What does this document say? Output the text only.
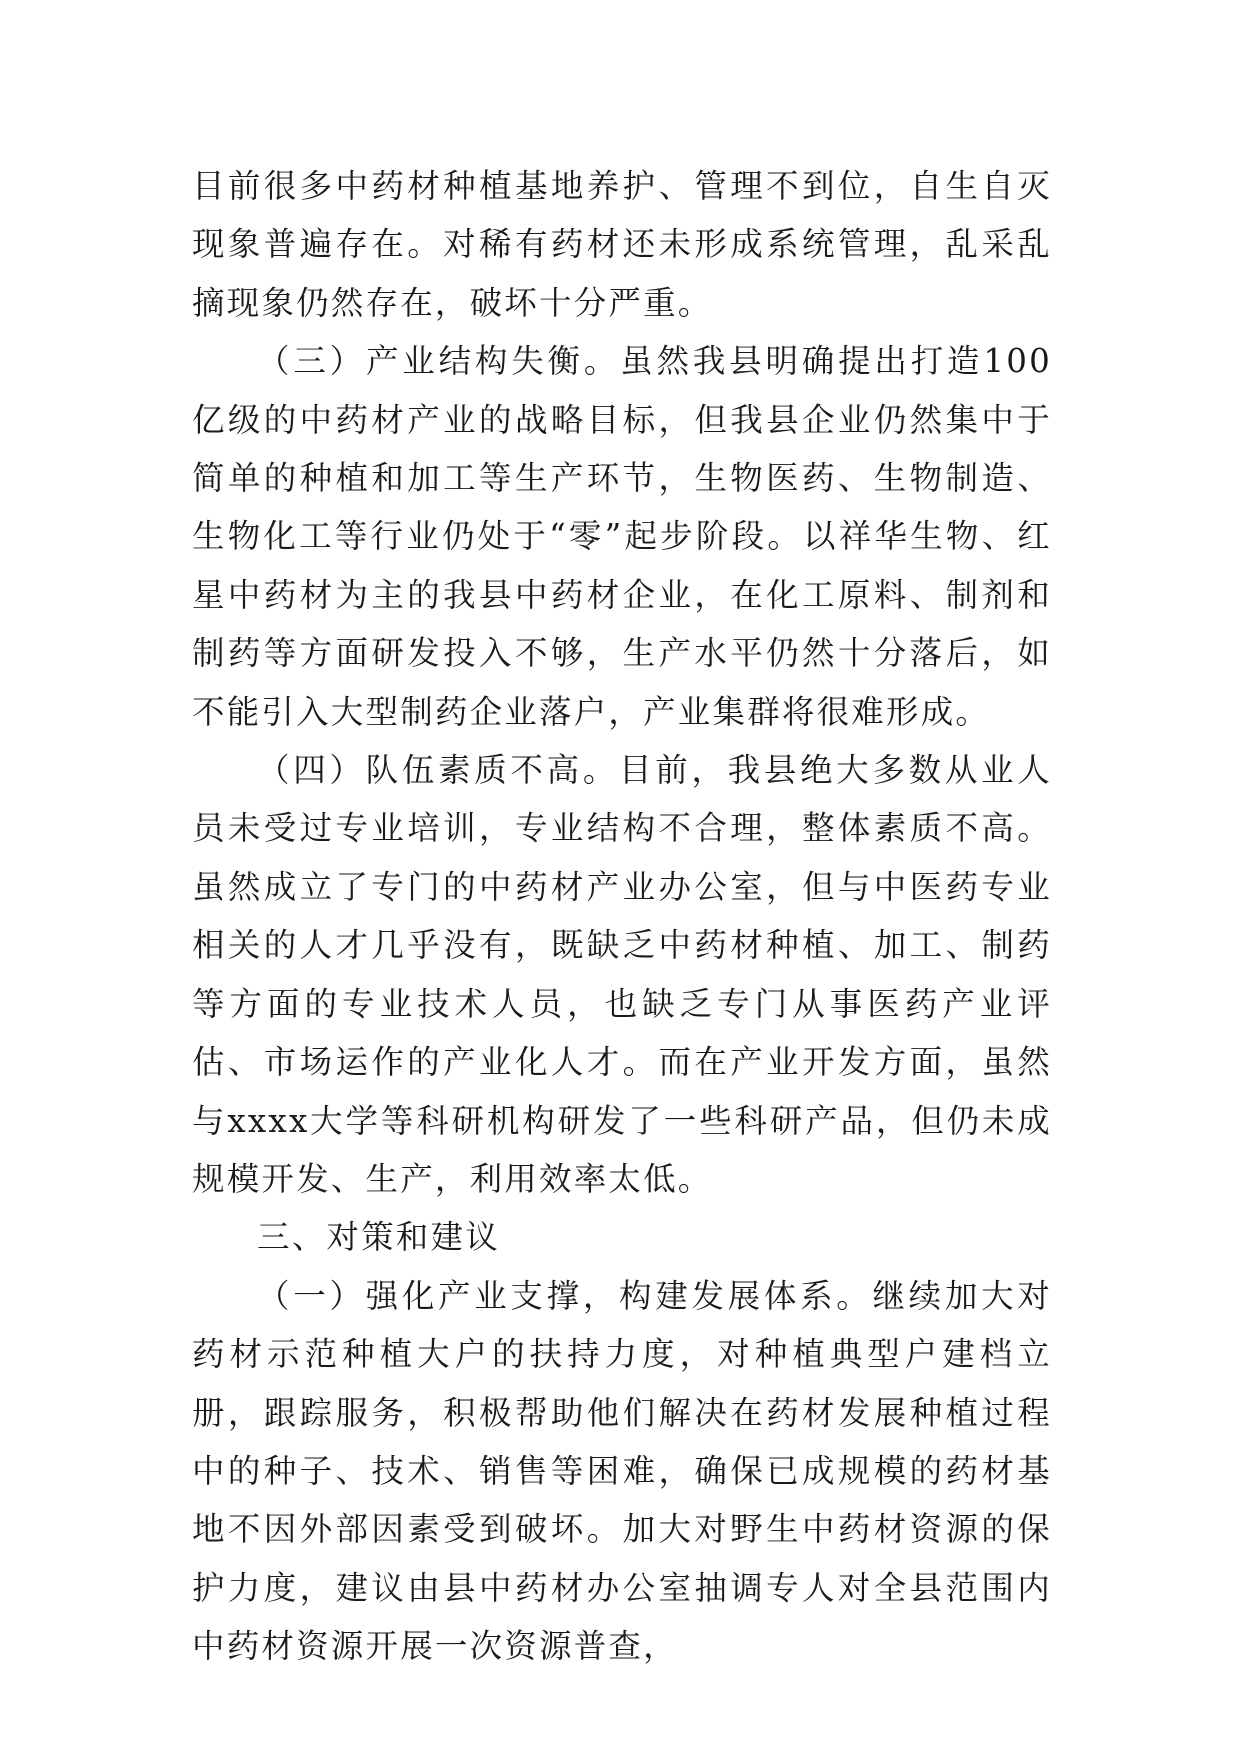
目前很多中药材种植基地养护、管理不到位，自生自灭现象普遍存在。对稀有药材还未形成系统管理，乱采乱摘现象仍然存在，破坏十分严重。

（三）产业结构失衡。虽然我县明确提出打造100亿级的中药材产业的战略目标，但我县企业仍然集中于简单的种植和加工等生产环节，生物医药、生物制造、生物化工等行业仍处于“零”起步阶段。以祥华生物、红星中药材为主的我县中药材企业，在化工原料、制剂和制药等方面研发投入不够，生产水平仍然十分落后，如不能引入大型制药企业落户，产业集群将很难形成。

（四）队伍素质不高。目前，我县绝大多数从业人员未受过专业培训，专业结构不合理，整体素质不高。虽然成立了专门的中药材产业办公室，但与中医药专业相关的人才几乎没有，既缺乏中药材种植、加工、制药等方面的专业技术人员，也缺乏专门从事医药产业评估、市场运作的产业化人才。而在产业开发方面，虽然与xxxx大学等科研机构研发了一些科研产品，但仍未成规模开发、生产，利用效率太低。

三、对策和建议

（一）强化产业支撑，构建发展体系。继续加大对药材示范种植大户的扶持力度，对种植典型户建档立册，跟踪服务，积极帮助他们解决在药材发展种植过程中的种子、技术、销售等困难，确保已成规模的药材基地不因外部因素受到破坏。加大对野生中药材资源的保护力度，建议由县中药材办公室抽调专人对全县范围内中药材资源开展一次资源普查，
